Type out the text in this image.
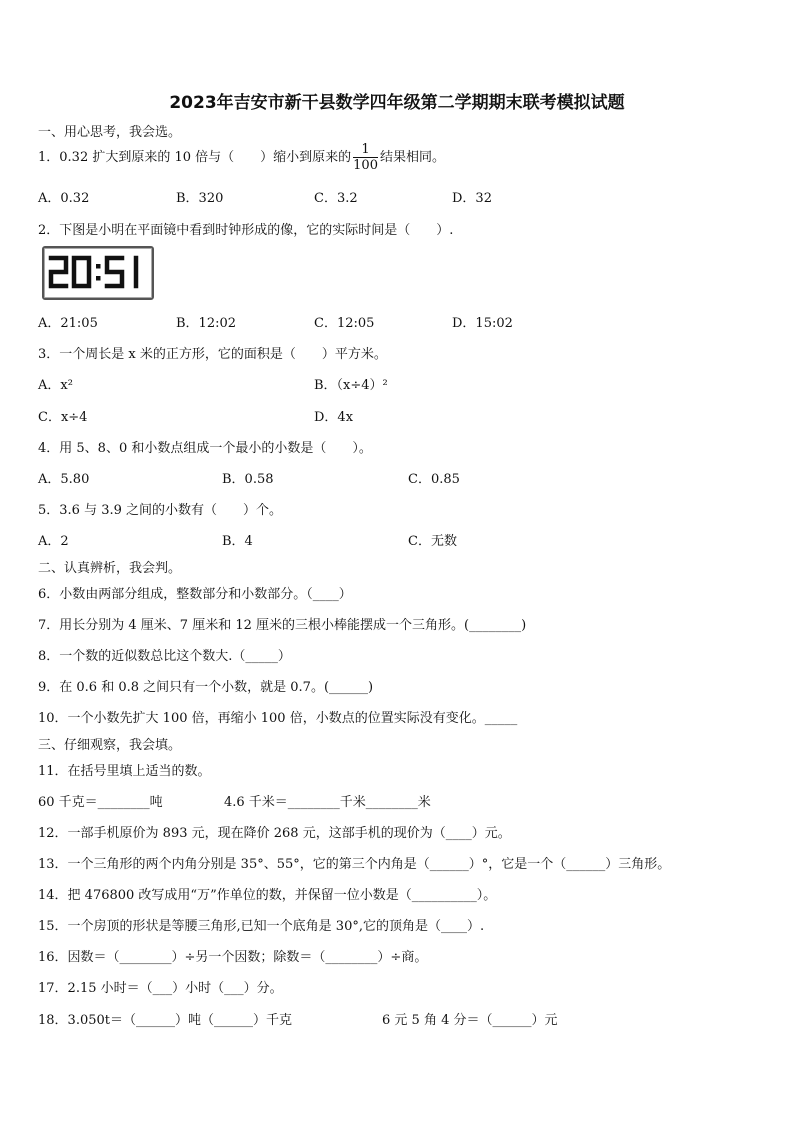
2023年吉安市新干县数学四年级第二学期期末联考模拟试题
一、用心思考，我会选。
1．0.32 扩大到原来的 10 倍与（　　）缩小到原来的 $\frac{1}{100}$ 结果相同。
A．0.32	B．320	C．3.2	D．32
2．下图是小明在平面镜中看到时钟形成的像，它的实际时间是（　　）.
A．21:05	B．12:02	C．12:05	D．15:02
3．一个周长是 x 米的正方形，它的面积是（　　）平方米。
A．x²	B．（x÷4）²
C．x÷4	D．4x
4．用 5、8、0 和小数点组成一个最小的小数是（　　）。
A．5.80	B．0.58	C．0.85
5．3.6 与 3.9 之间的小数有（　　）个。
A．2	B．4	C．无数
二、认真辨析，我会判。
6．小数由两部分组成，整数部分和小数部分。（____）
7．用长分别为 4 厘米、7 厘米和 12 厘米的三根小棒能摆成一个三角形。(________)
8．一个数的近似数总比这个数大.（_____）
9．在 0.6 和 0.8 之间只有一个小数，就是 0.7。(______)
10．一个小数先扩大 100 倍，再缩小 100 倍，小数点的位置实际没有变化。_____
三、仔细观察，我会填。
11．在括号里填上适当的数。
60 千克＝________吨	4.6 千米＝________千米________米
12．一部手机原价为 893 元，现在降价 268 元，这部手机的现价为（____）元。
13．一个三角形的两个内角分别是 35°、55°，它的第三个内角是（______）°，它是一个（______）三角形。
14．把 476800 改写成用“万”作单位的数，并保留一位小数是（__________）。
15．一个房顶的形状是等腰三角形,已知一个底角是 30°,它的顶角是（____）.
16．因数＝（________）÷另一个因数；除数＝（________）÷商。
17．2.15 小时＝（___）小时（___）分。
18．3.050t＝（______）吨（______）千克	6 元 5 角 4 分＝（______）元
